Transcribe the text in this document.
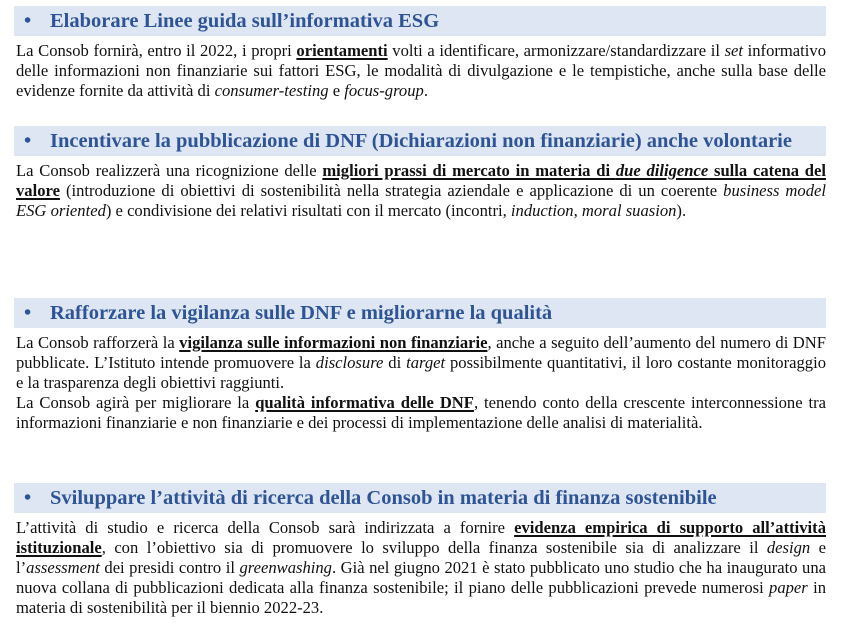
• Elaborare Linee guida sull’informativa ESG
La Consob fornirà, entro il 2022, i propri orientamenti volti a identificare, armonizzare/standardizzare il set informativo delle informazioni non finanziarie sui fattori ESG, le modalità di divulgazione e le tempistiche, anche sulla base delle evidenze fornite da attività di consumer-testing e focus-group.
• Incentivare la pubblicazione di DNF (Dichiarazioni non finanziarie) anche volontarie
La Consob realizzerà una ricognizione delle migliori prassi di mercato in materia di due diligence sulla catena del valore (introduzione di obiettivi di sostenibilità nella strategia aziendale e applicazione di un coerente business model ESG oriented) e condivisione dei relativi risultati con il mercato (incontri, induction, moral suasion).
• Rafforzare la vigilanza sulle DNF e migliorarne la qualità
La Consob rafforzerà la vigilanza sulle informazioni non finanziarie, anche a seguito dell’aumento del numero di DNF pubblicate. L’Istituto intende promuovere la disclosure di target possibilmente quantitativi, il loro costante monitoraggio e la trasparenza degli obiettivi raggiunti.
La Consob agirà per migliorare la qualità informativa delle DNF, tenendo conto della crescente interconnessione tra informazioni finanziarie e non finanziarie e dei processi di implementazione delle analisi di materialità.
• Sviluppare l’attività di ricerca della Consob in materia di finanza sostenibile
L’attività di studio e ricerca della Consob sarà indirizzata a fornire evidenza empirica di supporto all’attività istituzionale, con l’obiettivo sia di promuovere lo sviluppo della finanza sostenibile sia di analizzare il design e l’assessment dei presidi contro il greenwashing. Già nel giugno 2021 è stato pubblicato uno studio che ha inaugurato una nuova collana di pubblicazioni dedicata alla finanza sostenibile; il piano delle pubblicazioni prevede numerosi paper in materia di sostenibilità per il biennio 2022-23.
